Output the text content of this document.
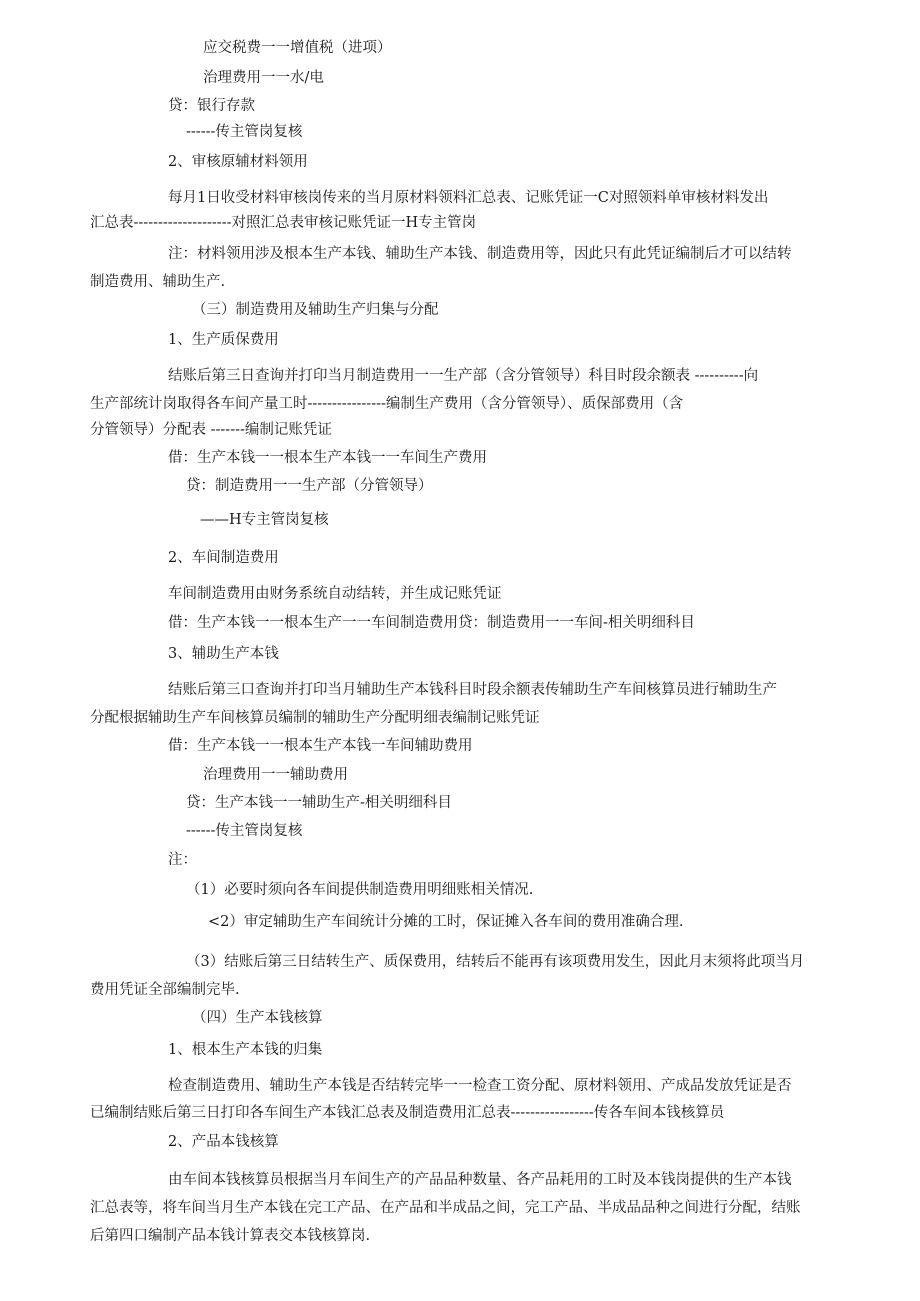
应交税费一一增值税（进项）
治理费用一一水/电
贷：银行存款
------传主管岗复核
2、审核原辅材料领用
每月1日收受材料审核岗传来的当月原材料领料汇总表、记账凭证一C对照领料单审核材料发出
汇总表--------------------对照汇总表审核记账凭证一H专主管岗
注：材料领用涉及根本生产本钱、辅助生产本钱、制造费用等，因此只有此凭证编制后才可以结转
制造费用、辅助生产.
（三）制造费用及辅助生产归集与分配
1、生产质保费用
结账后第三日查询并打印当月制造费用一一生产部（含分管领导）科目时段余额表 ----------向
生产部统计岗取得各车间产量工时----------------编制生产费用（含分管领导）、质保部费用（含
分管领导）分配表 -------编制记账凭证
借：生产本钱一一根本生产本钱一一车间生产费用
贷：制造费用一一生产部（分管领导）
——H专主管岗复核
2、车间制造费用
车间制造费用由财务系统自动结转，并生成记账凭证
借：生产本钱一一根本生产一一车间制造费用贷：制造费用一一车间-相关明细科目
3、辅助生产本钱
结账后第三口查询并打印当月辅助生产本钱科目时段余额表传辅助生产车间核算员进行辅助生产
分配根据辅助生产车间核算员编制的辅助生产分配明细表编制记账凭证
借：生产本钱一一根本生产本钱一车间辅助费用
治理费用一一辅助费用
贷：生产本钱一一辅助生产-相关明细科目
------传主管岗复核
注：
（1）必要时须向各车间提供制造费用明细账相关情况.
<2）审定辅助生产车间统计分摊的工时，保证摊入各车间的费用准确合理.
（3）结账后第三日结转生产、质保费用，结转后不能再有该项费用发生，因此月末须将此项当月
费用凭证全部编制完毕.
（四）生产本钱核算
1、根本生产本钱的归集
检查制造费用、辅助生产本钱是否结转完毕一一检查工资分配、原材料领用、产成品发放凭证是否
已编制结账后第三日打印各车间生产本钱汇总表及制造费用汇总表-----------------传各车间本钱核算员
2、产品本钱核算
由车间本钱核算员根据当月车间生产的产品品种数量、各产品耗用的工时及本钱岗提供的生产本钱
汇总表等，将车间当月生产本钱在完工产品、在产品和半成品之间，完工产品、半成品品种之间进行分配，结账
后第四口编制产品本钱计算表交本钱核算岗.
